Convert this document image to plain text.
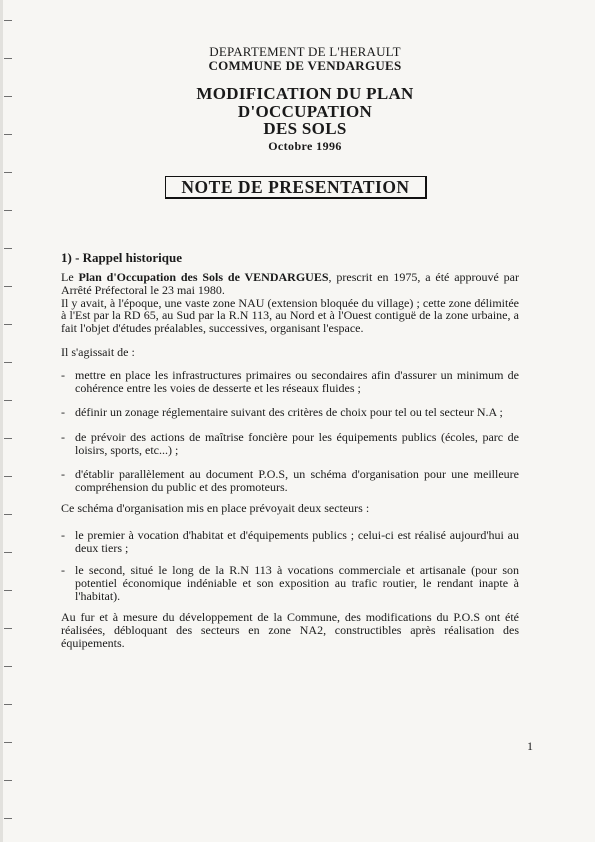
DEPARTEMENT DE L'HERAULT
COMMUNE DE VENDARGUES
MODIFICATION DU PLAN
D'OCCUPATION
DES SOLS
Octobre 1996
NOTE DE PRESENTATION
1) - Rappel historique
Le Plan d'Occupation des Sols de VENDARGUES, prescrit en 1975, a été approuvé par Arrêté Préfectoral le 23 mai 1980.
Il y avait, à l'époque, une vaste zone NAU (extension bloquée du village) ; cette zone délimitée à l'Est par la RD 65, au Sud par la R.N 113, au Nord et à l'Ouest contiguë de la zone urbaine, a fait l'objet d'études préalables, successives, organisant l'espace.
Il s'agissait de :
- mettre en place les infrastructures primaires ou secondaires afin d'assurer un minimum de cohérence entre les voies de desserte et les réseaux fluides ;
- définir un zonage réglementaire suivant des critères de choix pour tel ou tel secteur N.A ;
- de prévoir des actions de maîtrise foncière pour les équipements publics (écoles, parc de loisirs, sports, etc...) ;
- d'établir parallèlement au document P.O.S, un schéma d'organisation pour une meilleure compréhension du public et des promoteurs.
Ce schéma d'organisation mis en place prévoyait deux secteurs :
- le premier à vocation d'habitat et d'équipements publics ; celui-ci est réalisé aujourd'hui au deux tiers ;
- le second, situé le long de la R.N 113 à vocations commerciale et artisanale (pour son potentiel économique indéniable et son exposition au trafic routier, le rendant inapte à l'habitat).
Au fur et à mesure du développement de la Commune, des modifications du P.O.S ont été réalisées, débloquant des secteurs en zone NA2, constructibles après réalisation des équipements.
1
